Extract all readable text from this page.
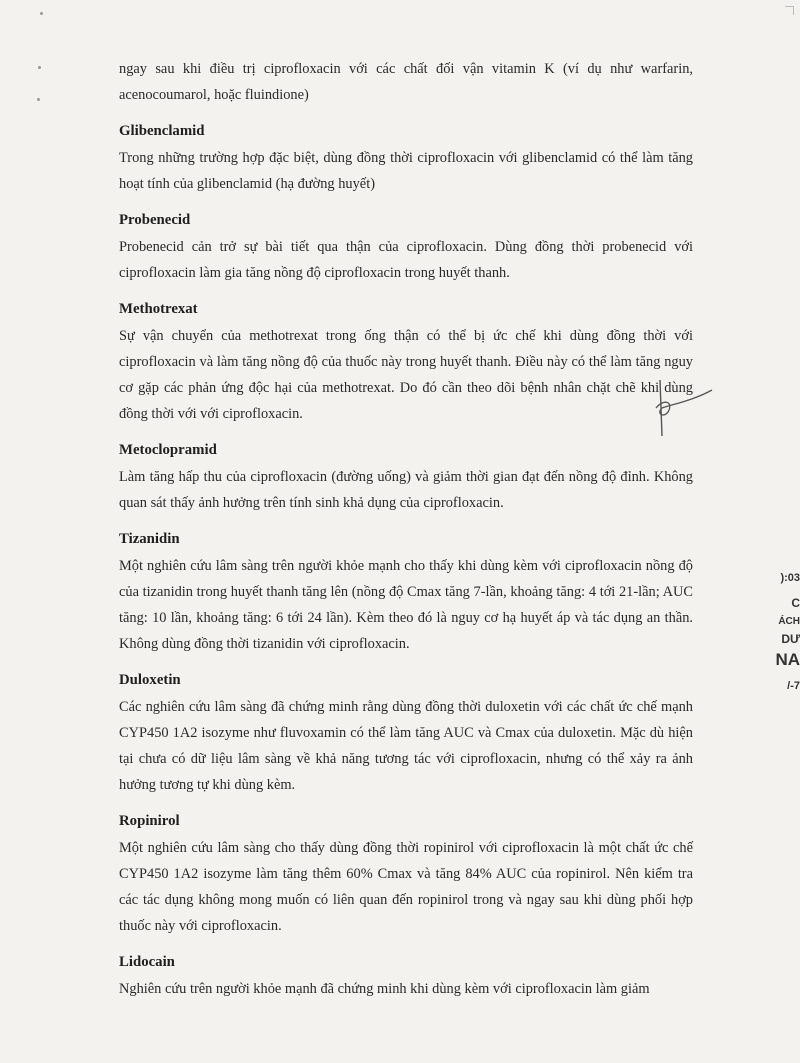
ngay sau khi điều trị ciprofloxacin với các chất đối vận vitamin K (ví dụ như warfarin, acenocoumarol, hoặc fluindione)

Glibenclamid

Trong những trường hợp đặc biệt, dùng đồng thời ciprofloxacin với glibenclamid có thể làm tăng hoạt tính của glibenclamid (hạ đường huyết)

Probenecid

Probenecid cản trở sự bài tiết qua thận của ciprofloxacin. Dùng đồng thời probenecid với ciprofloxacin làm gia tăng nồng độ ciprofloxacin trong huyết thanh.

Methotrexat

Sự vận chuyển của methotrexat trong ống thận có thể bị ức chế khi dùng đồng thời với ciprofloxacin và làm tăng nồng độ của thuốc này trong huyết thanh. Điều này có thể làm tăng nguy cơ gặp các phản ứng độc hại của methotrexat. Do đó cần theo dõi bệnh nhân chặt chẽ khi dùng đồng thời với với ciprofloxacin.

Metoclopramid

Làm tăng hấp thu của ciprofloxacin (đường uống) và giảm thời gian đạt đến nồng độ đỉnh. Không quan sát thấy ảnh hưởng trên tính sinh khả dụng của ciprofloxacin.

Tizanidin

Một nghiên cứu lâm sàng trên người khỏe mạnh cho thấy khi dùng kèm với ciprofloxacin nồng độ của tizanidin trong huyết thanh tăng lên (nồng độ Cmax tăng 7-lần, khoảng tăng: 4 tới 21-lần; AUC tăng: 10 lần, khoảng tăng: 6 tới 24 lần). Kèm theo đó là nguy cơ hạ huyết áp và tác dụng an thần. Không dùng đồng thời tizanidin với ciprofloxacin.

Duloxetin

Các nghiên cứu lâm sàng đã chứng minh rằng dùng đồng thời duloxetin với các chất ức chế mạnh CYP450 1A2 isozyme như fluvoxamin có thể làm tăng AUC và Cmax của duloxetin. Mặc dù hiện tại chưa có dữ liệu lâm sàng về khả năng tương tác với ciprofloxacin, nhưng có thể xảy ra ảnh hưởng tương tự khi dùng kèm.

Ropinirol

Một nghiên cứu lâm sàng cho thấy dùng đồng thời ropinirol với ciprofloxacin là một chất ức chế CYP450 1A2 isozyme làm tăng thêm 60% Cmax và tăng 84% AUC của ropinirol. Nên kiểm tra các tác dụng không mong muốn có liên quan đến ropinirol trong và ngay sau khi dùng phối hợp thuốc này với ciprofloxacin.

Lidocain

Nghiên cứu trên người khỏe mạnh đã chứng minh khi dùng kèm với ciprofloxacin làm giảm

):03
C
ÁCH
DƯ
NA
/-7
